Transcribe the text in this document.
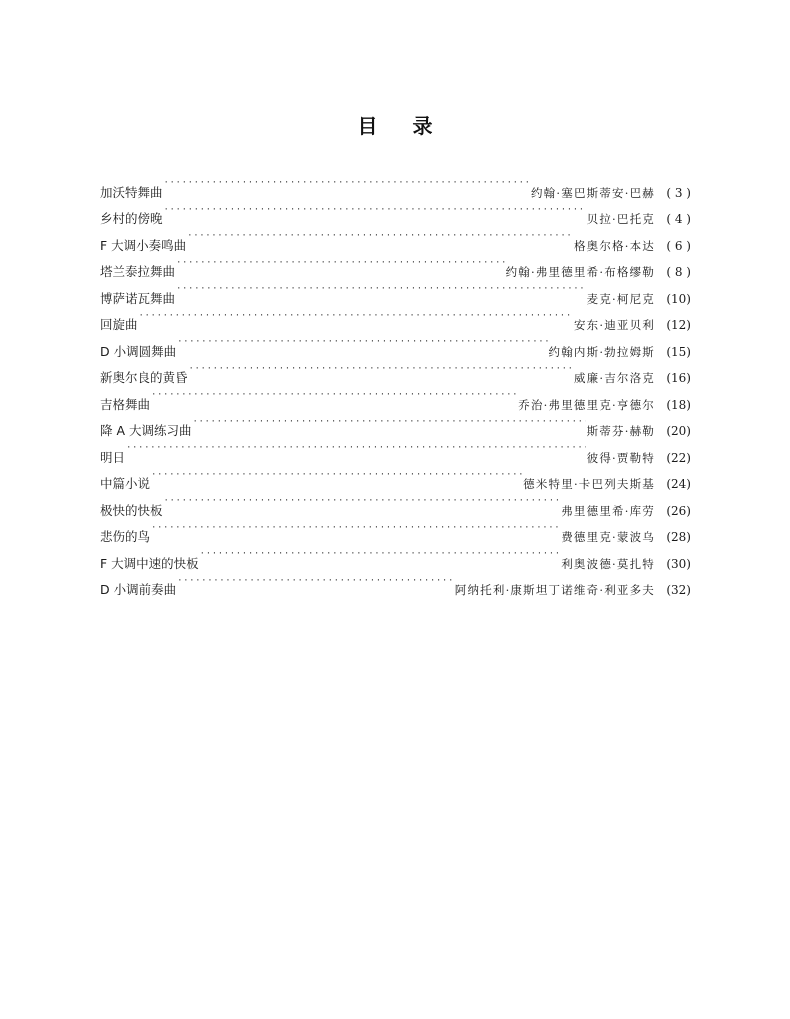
目 录
加沃特舞曲 ·····	约翰·塞巴斯蒂安·巴赫 ( 3 )
乡村的傍晚 ·····	贝拉·巴托克 ( 4 )
F 大调小奏鸣曲 ·····	格奥尔格·本达 ( 6 )
塔兰泰拉舞曲 ·····	约翰·弗里德里希·布格缪勒 ( 8 )
博萨诺瓦舞曲 ·····	麦克·柯尼克 (10)
回旋曲 ·····	安东·迪亚贝利 (12)
D 小调圆舞曲 ·····	约翰内斯·勃拉姆斯 (15)
新奥尔良的黄昏 ·····	威廉·吉尔洛克 (16)
吉格舞曲 ·····	乔治·弗里德里克·亨德尔 (18)
降 A 大调练习曲 ·····	斯蒂芬·赫勒 (20)
明日 ·····	彼得·贾勒特 (22)
中篇小说 ·····	德米特里·卡巴列夫斯基 (24)
极快的快板 ·····	弗里德里希·库劳 (26)
悲伤的鸟 ·····	费德里克·蒙波乌 (28)
F 大调中速的快板 ·····	利奥波德·莫扎特 (30)
D 小调前奏曲 ·····	阿纳托利·康斯坦丁诺维奇·利亚多夫 (32)
